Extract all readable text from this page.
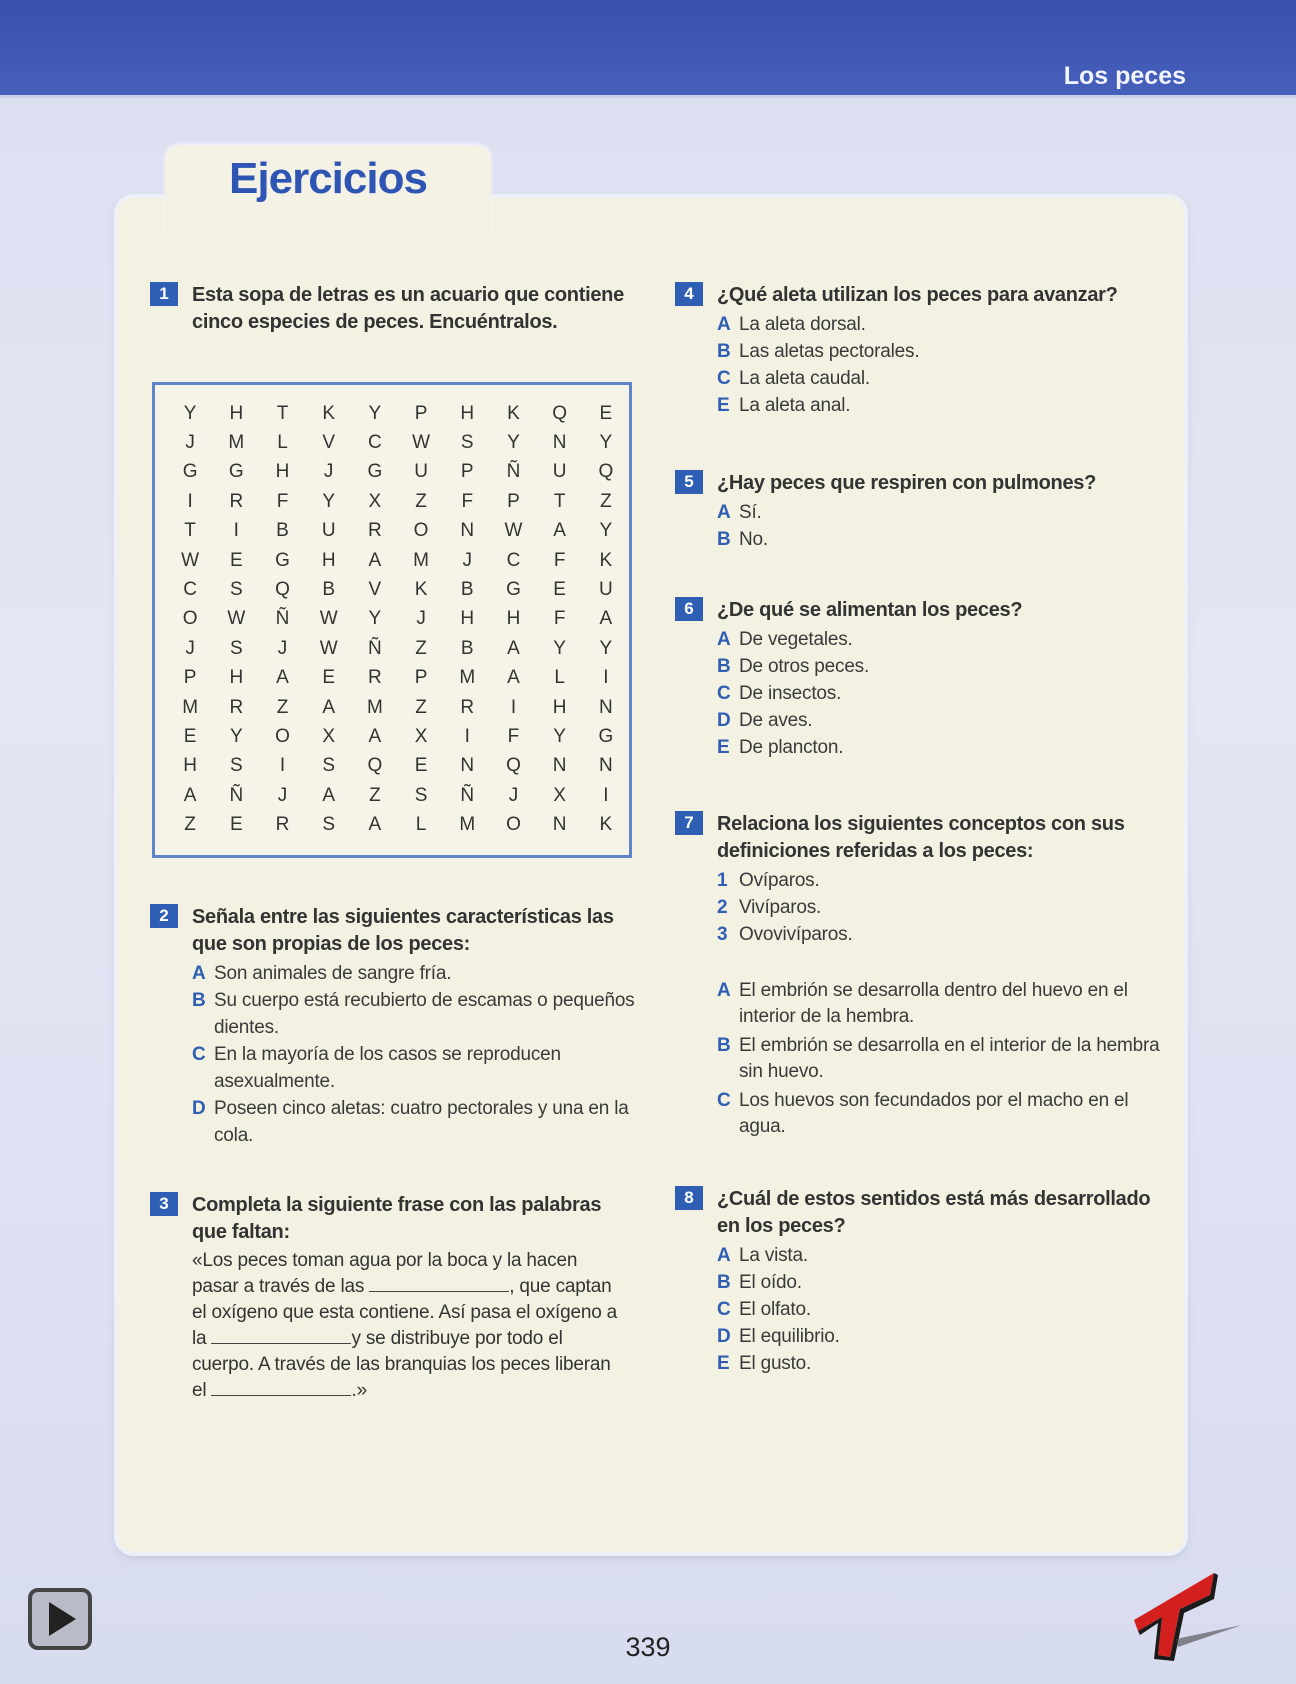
Los peces
Ejercicios
1	Esta sopa de letras es un acuario que contiene cinco especies de peces. Encuéntralos.
Y	H	T	K	Y	P	H	K	Q	E
J	M	L	V	C	W	S	Y	N	Y
G	G	H	J	G	U	P	Ñ	U	Q
I	R	F	Y	X	Z	F	P	T	Z
T	I	B	U	R	O	N	W	A	Y
W	E	G	H	A	M	J	C	F	K
C	S	Q	B	V	K	B	G	E	U
O	W	Ñ	W	Y	J	H	H	F	A
J	S	J	W	Ñ	Z	B	A	Y	Y
P	H	A	E	R	P	M	A	L	I
M	R	Z	A	M	Z	R	I	H	N
E	Y	O	X	A	X	I	F	Y	G
H	S	I	S	Q	E	N	Q	N	N
A	Ñ	J	A	Z	S	Ñ	J	X	I
Z	E	R	S	A	L	M	O	N	K
2	Señala entre las siguientes características las que son propias de los peces:
A Son animales de sangre fría.
B Su cuerpo está recubierto de escamas o pequeños dientes.
C En la mayoría de los casos se reproducen asexualmente.
D Poseen cinco aletas: cuatro pectorales y una en la cola.
3	Completa la siguiente frase con las palabras que faltan:
«Los peces toman agua por la boca y la hacen pasar a través de las	, que captan el oxígeno que esta contiene. Así pasa el oxígeno a la	y se distribuye por todo el cuerpo. A través de las branquias los peces liberan el	.»
4	¿Qué aleta utilizan los peces para avanzar?
A La aleta dorsal.
B Las aletas pectorales.
C La aleta caudal.
E La aleta anal.
5	¿Hay peces que respiren con pulmones?
A Sí.
B No.
6	¿De qué se alimentan los peces?
A De vegetales.
B De otros peces.
C De insectos.
D De aves.
E De plancton.
7	Relaciona los siguientes conceptos con sus definiciones referidas a los peces:
1 Ovíparos.
2 Vivíparos.
3 Ovovivíparos.
A El embrión se desarrolla dentro del huevo en el interior de la hembra.
B El embrión se desarrolla en el interior de la hembra sin huevo.
C Los huevos son fecundados por el macho en el agua.
8	¿Cuál de estos sentidos está más desarrollado en los peces?
A La vista.
B El oído.
C El olfato.
D El equilibrio.
E El gusto.
339
